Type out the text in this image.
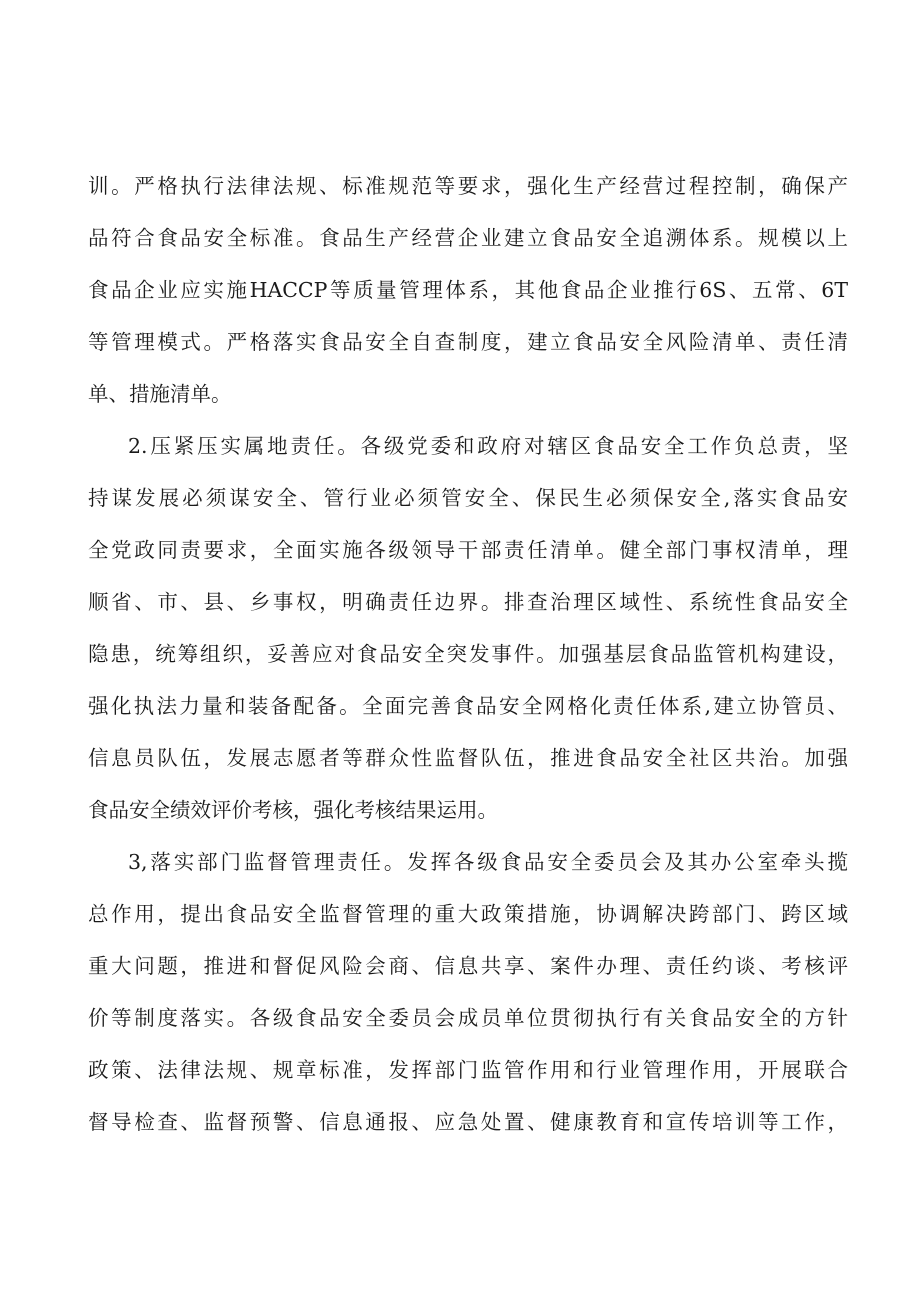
训。严格执行法律法规、标准规范等要求，强化生产经营过程控制，确保产
品符合食品安全标准。食品生产经营企业建立食品安全追溯体系。规模以上
食品企业应实施HACCP等质量管理体系，其他食品企业推行6S、五常、6T
等管理模式。严格落实食品安全自查制度，建立食品安全风险清单、责任清
单、措施清单。
2.压紧压实属地责任。各级党委和政府对辖区食品安全工作负总责，坚
持谋发展必须谋安全、管行业必须管安全、保民生必须保安全,落实食品安
全党政同责要求，全面实施各级领导干部责任清单。健全部门事权清单，理
顺省、市、县、乡事权，明确责任边界。排查治理区域性、系统性食品安全
隐患，统筹组织，妥善应对食品安全突发事件。加强基层食品监管机构建设，
强化执法力量和装备配备。全面完善食品安全网格化责任体系,建立协管员、
信息员队伍，发展志愿者等群众性监督队伍，推进食品安全社区共治。加强
食品安全绩效评价考核，强化考核结果运用。
3,落实部门监督管理责任。发挥各级食品安全委员会及其办公室牵头揽
总作用，提出食品安全监督管理的重大政策措施，协调解决跨部门、跨区域
重大问题，推进和督促风险会商、信息共享、案件办理、责任约谈、考核评
价等制度落实。各级食品安全委员会成员单位贯彻执行有关食品安全的方针
政策、法律法规、规章标准，发挥部门监管作用和行业管理作用，开展联合
督导检查、监督预警、信息通报、应急处置、健康教育和宣传培训等工作，
